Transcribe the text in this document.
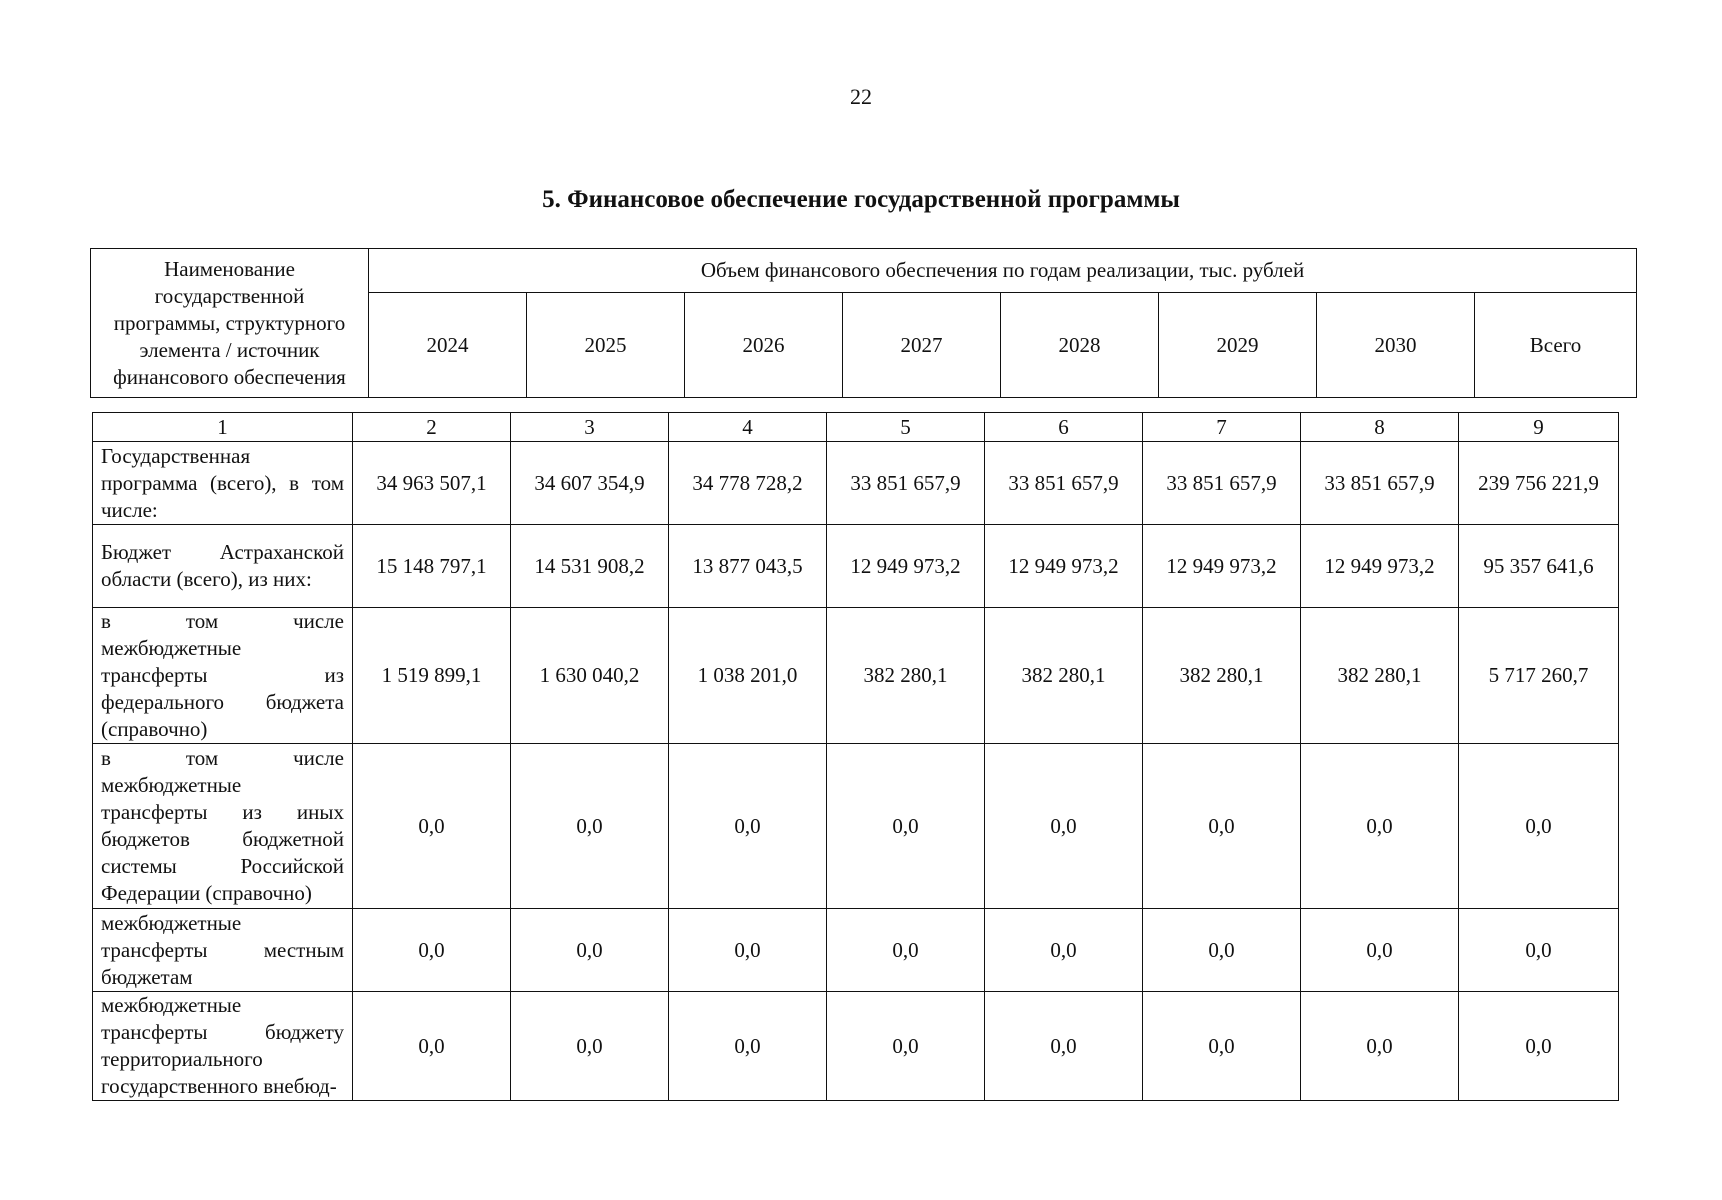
22
5. Финансовое обеспечение государственной программы
Наименование государственной программы, структурного элемента / источник финансового обеспечения	Объем финансового обеспечения по годам реализации, тыс. рублей							
	2024	2025	2026	2027	2028	2029	2030	Всего
1	2	3	4	5	6	7	8	9

Государственная программа (всего), в том числе:	34 963 507,1	34 607 354,9	34 778 728,2	33 851 657,9	33 851 657,9	33 851 657,9	33 851 657,9	239 756 221,9

Бюджет Астраханской области (всего), из них:	15 148 797,1	14 531 908,2	13 877 043,5	12 949 973,2	12 949 973,2	12 949 973,2	12 949 973,2	95 357 641,6

в том числе межбюджетные трансферты из федерального бюджета (справочно)	1 519 899,1	1 630 040,2	1 038 201,0	382 280,1	382 280,1	382 280,1	382 280,1	5 717 260,7

в том числе межбюджетные трансферты из иных бюджетов бюджетной системы Российской Федерации (справочно)	0,0	0,0	0,0	0,0	0,0	0,0	0,0	0,0

межбюджетные трансферты местным бюджетам	0,0	0,0	0,0	0,0	0,0	0,0	0,0	0,0

межбюджетные трансферты бюджету территориального государственного внебюд-	0,0	0,0	0,0	0,0	0,0	0,0	0,0	0,0
